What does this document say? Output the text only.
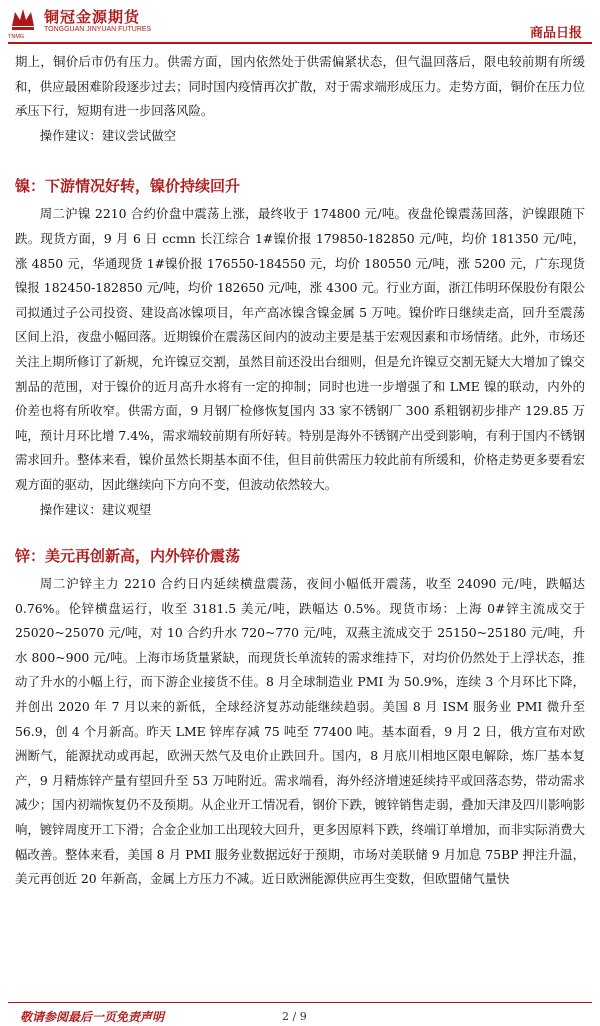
铜冠金源期货
TONGGUAN JINYUAN FUTURES
TNMG	商品日报

期上，铜价后市仍有压力。供需方面，国内依然处于供需偏紧状态，但气温回落后，限电较前期有所缓和，供应最困难阶段逐步过去；同时国内疫情再次扩散，对于需求端形成压力。走势方面，铜价在压力位承压下行，短期有进一步回落风险。

操作建议：建议尝试做空

镍：下游情况好转，镍价持续回升

周二沪镍 2210 合约价盘中震荡上涨，最终收于 174800 元/吨。夜盘伦镍震荡回落，沪镍跟随下跌。现货方面，9 月 6 日 ccmn 长江综合 1#镍价报 179850-182850 元/吨，均价 181350 元/吨，涨 4850 元，华通现货 1#镍价报 176550-184550 元，均价 180550 元/吨，涨 5200 元，广东现货镍报 182450-182850 元/吨，均价 182650 元/吨，涨 4300 元。行业方面，浙江伟明环保股份有限公司拟通过子公司投资、建设高冰镍项目，年产高冰镍含镍金属 5 万吨。镍价昨日继续走高，回升至震荡区间上沿，夜盘小幅回落。近期镍价在震荡区间内的波动主要是基于宏观因素和市场情绪。此外，市场还关注上期所修订了新规，允许镍豆交割，虽然目前还没出台细则，但是允许镍豆交割无疑大大增加了镍交割品的范围，对于镍价的近月高升水将有一定的抑制；同时也进一步增强了和 LME 镍的联动，内外的价差也将有所收窄。供需方面，9 月钢厂检修恢复国内 33 家不锈钢厂 300 系粗钢初步排产 129.85 万吨，预计月环比增 7.4%，需求端较前期有所好转。特别是海外不锈钢产出受到影响，有利于国内不锈钢需求回升。整体来看，镍价虽然长期基本面不佳，但目前供需压力较此前有所缓和，价格走势更多要看宏观方面的驱动，因此继续向下方向不变，但波动依然较大。

操作建议：建议观望

锌：美元再创新高，内外锌价震荡

周二沪锌主力 2210 合约日内延续横盘震荡，夜间小幅低开震荡，收至 24090 元/吨，跌幅达 0.76%。伦锌横盘运行，收至 3181.5 美元/吨，跌幅达 0.5%。现货市场：上海 0#锌主流成交于 25020~25070 元/吨，对 10 合约升水 720~770 元/吨，双燕主流成交于 25150~25180 元/吨，升水 800~900 元/吨。上海市场货量紧缺，而现货长单流转的需求维持下，对均价仍然处于上浮状态，推动了升水的小幅上行，而下游企业接货不佳。8 月全球制造业 PMI 为 50.9%，连续 3 个月环比下降，并创出 2020 年 7 月以来的新低，全球经济复苏动能继续趋弱。美国 8 月 ISM 服务业 PMI 微升至 56.9，创 4 个月新高。昨天 LME 锌库存减 75 吨至 77400 吨。基本面看，9 月 2 日，俄方宣布对欧洲断气，能源扰动或再起，欧洲天然气及电价止跌回升。国内，8 月底川相地区限电解除，炼厂基本复产，9 月精炼锌产量有望回升至 53 万吨附近。需求端看，海外经济增速延续持平或回落态势，带动需求减少；国内初端恢复仍不及预期。从企业开工情况看，钢价下跌，镀锌销售走弱，叠加天津及四川影响影响，镀锌周度开工下滑；合金企业加工出现较大回升，更多因原料下跌，终端订单增加，而非实际消费大幅改善。整体来看，美国 8 月 PMI 服务业数据远好于预期，市场对美联储 9 月加息 75BP 押注升温，美元再创近 20 年新高，金属上方压力不减。近日欧洲能源供应再生变数，但欧盟储气量快

敬请参阅最后一页免责声明	2 / 9
